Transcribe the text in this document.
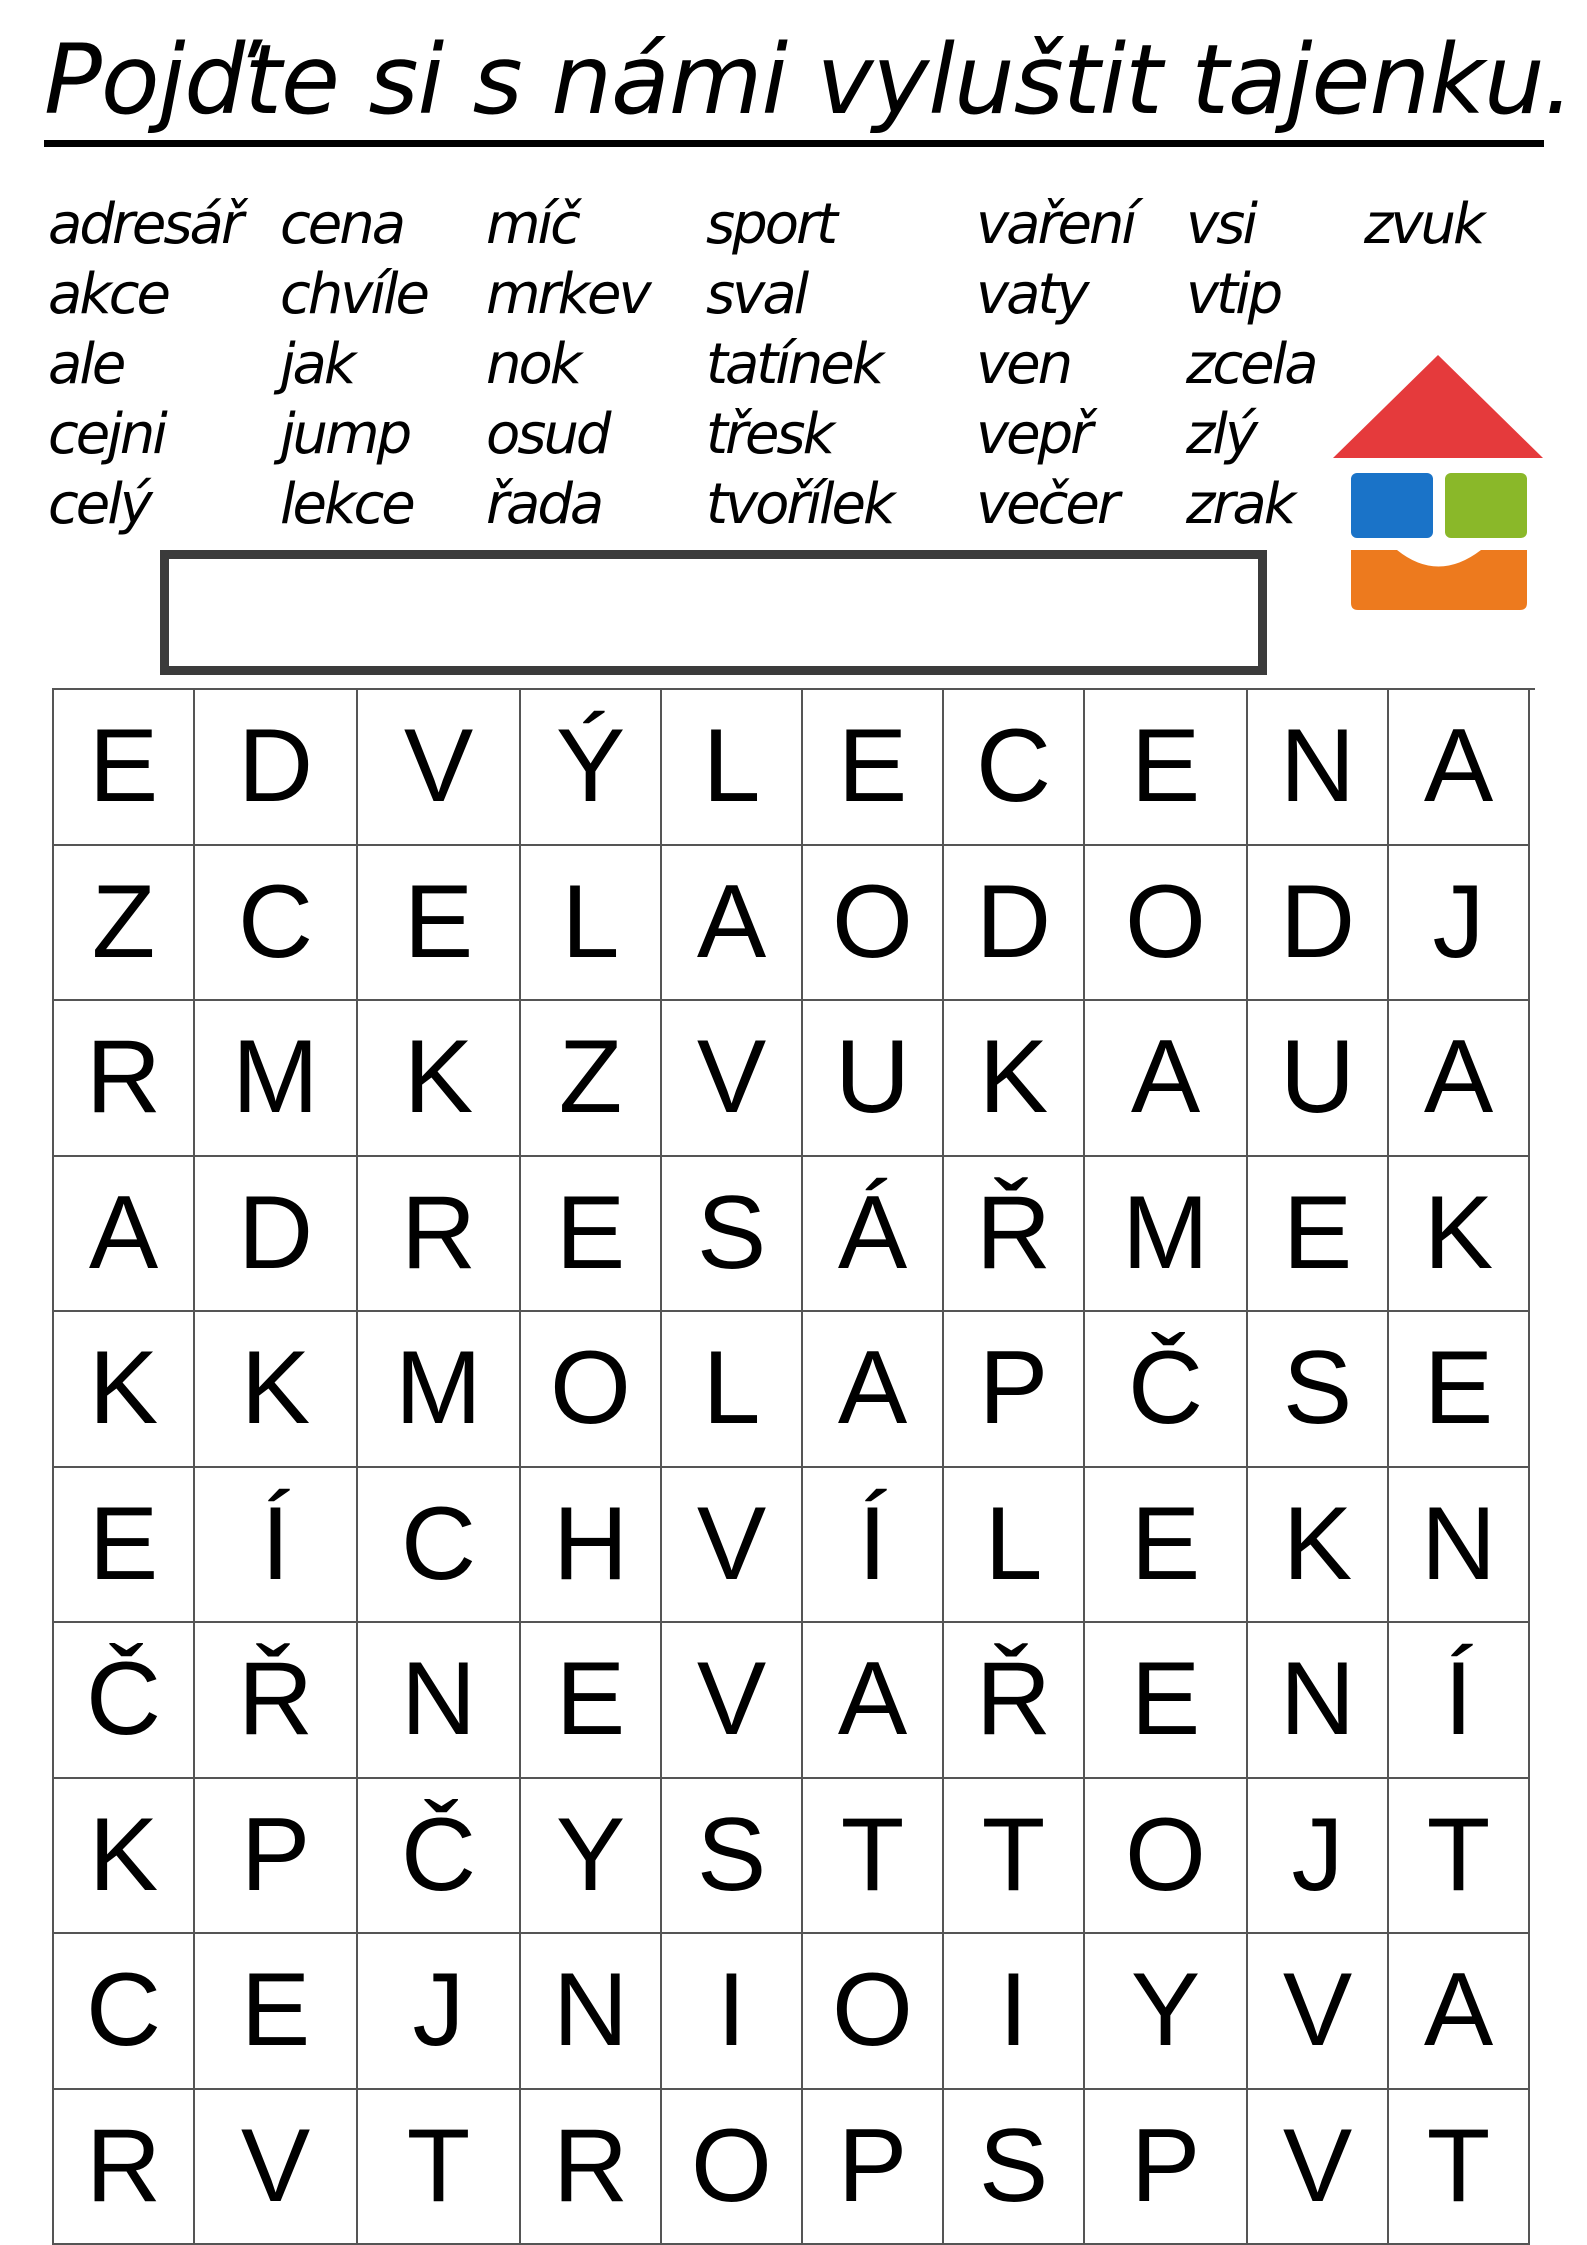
Pojďte si s námi vyluštit tajenku.
adresář
akce
ale
cejni
celý
cena
chvíle
jak
jump
lekce
míč
mrkev
nok
osud
řada
sport
sval
tatínek
třesk
tvořílek
vaření
vaty
ven
vepř
večer
vsi
vtip
zcela
zlý
zrak
zvuk
E D V Ý L E C E N A
Z C E L A O D O D J
R M K Z V U K A U A
A D R E S Á Ř M E K
K K M O L A P Č S E
E Í	C H V Í L E K N
Č Ř N E V A Ř E N Í
K P Č Y S T T O J T
C E J N I O I Y V A
R V T R O P S P V T
